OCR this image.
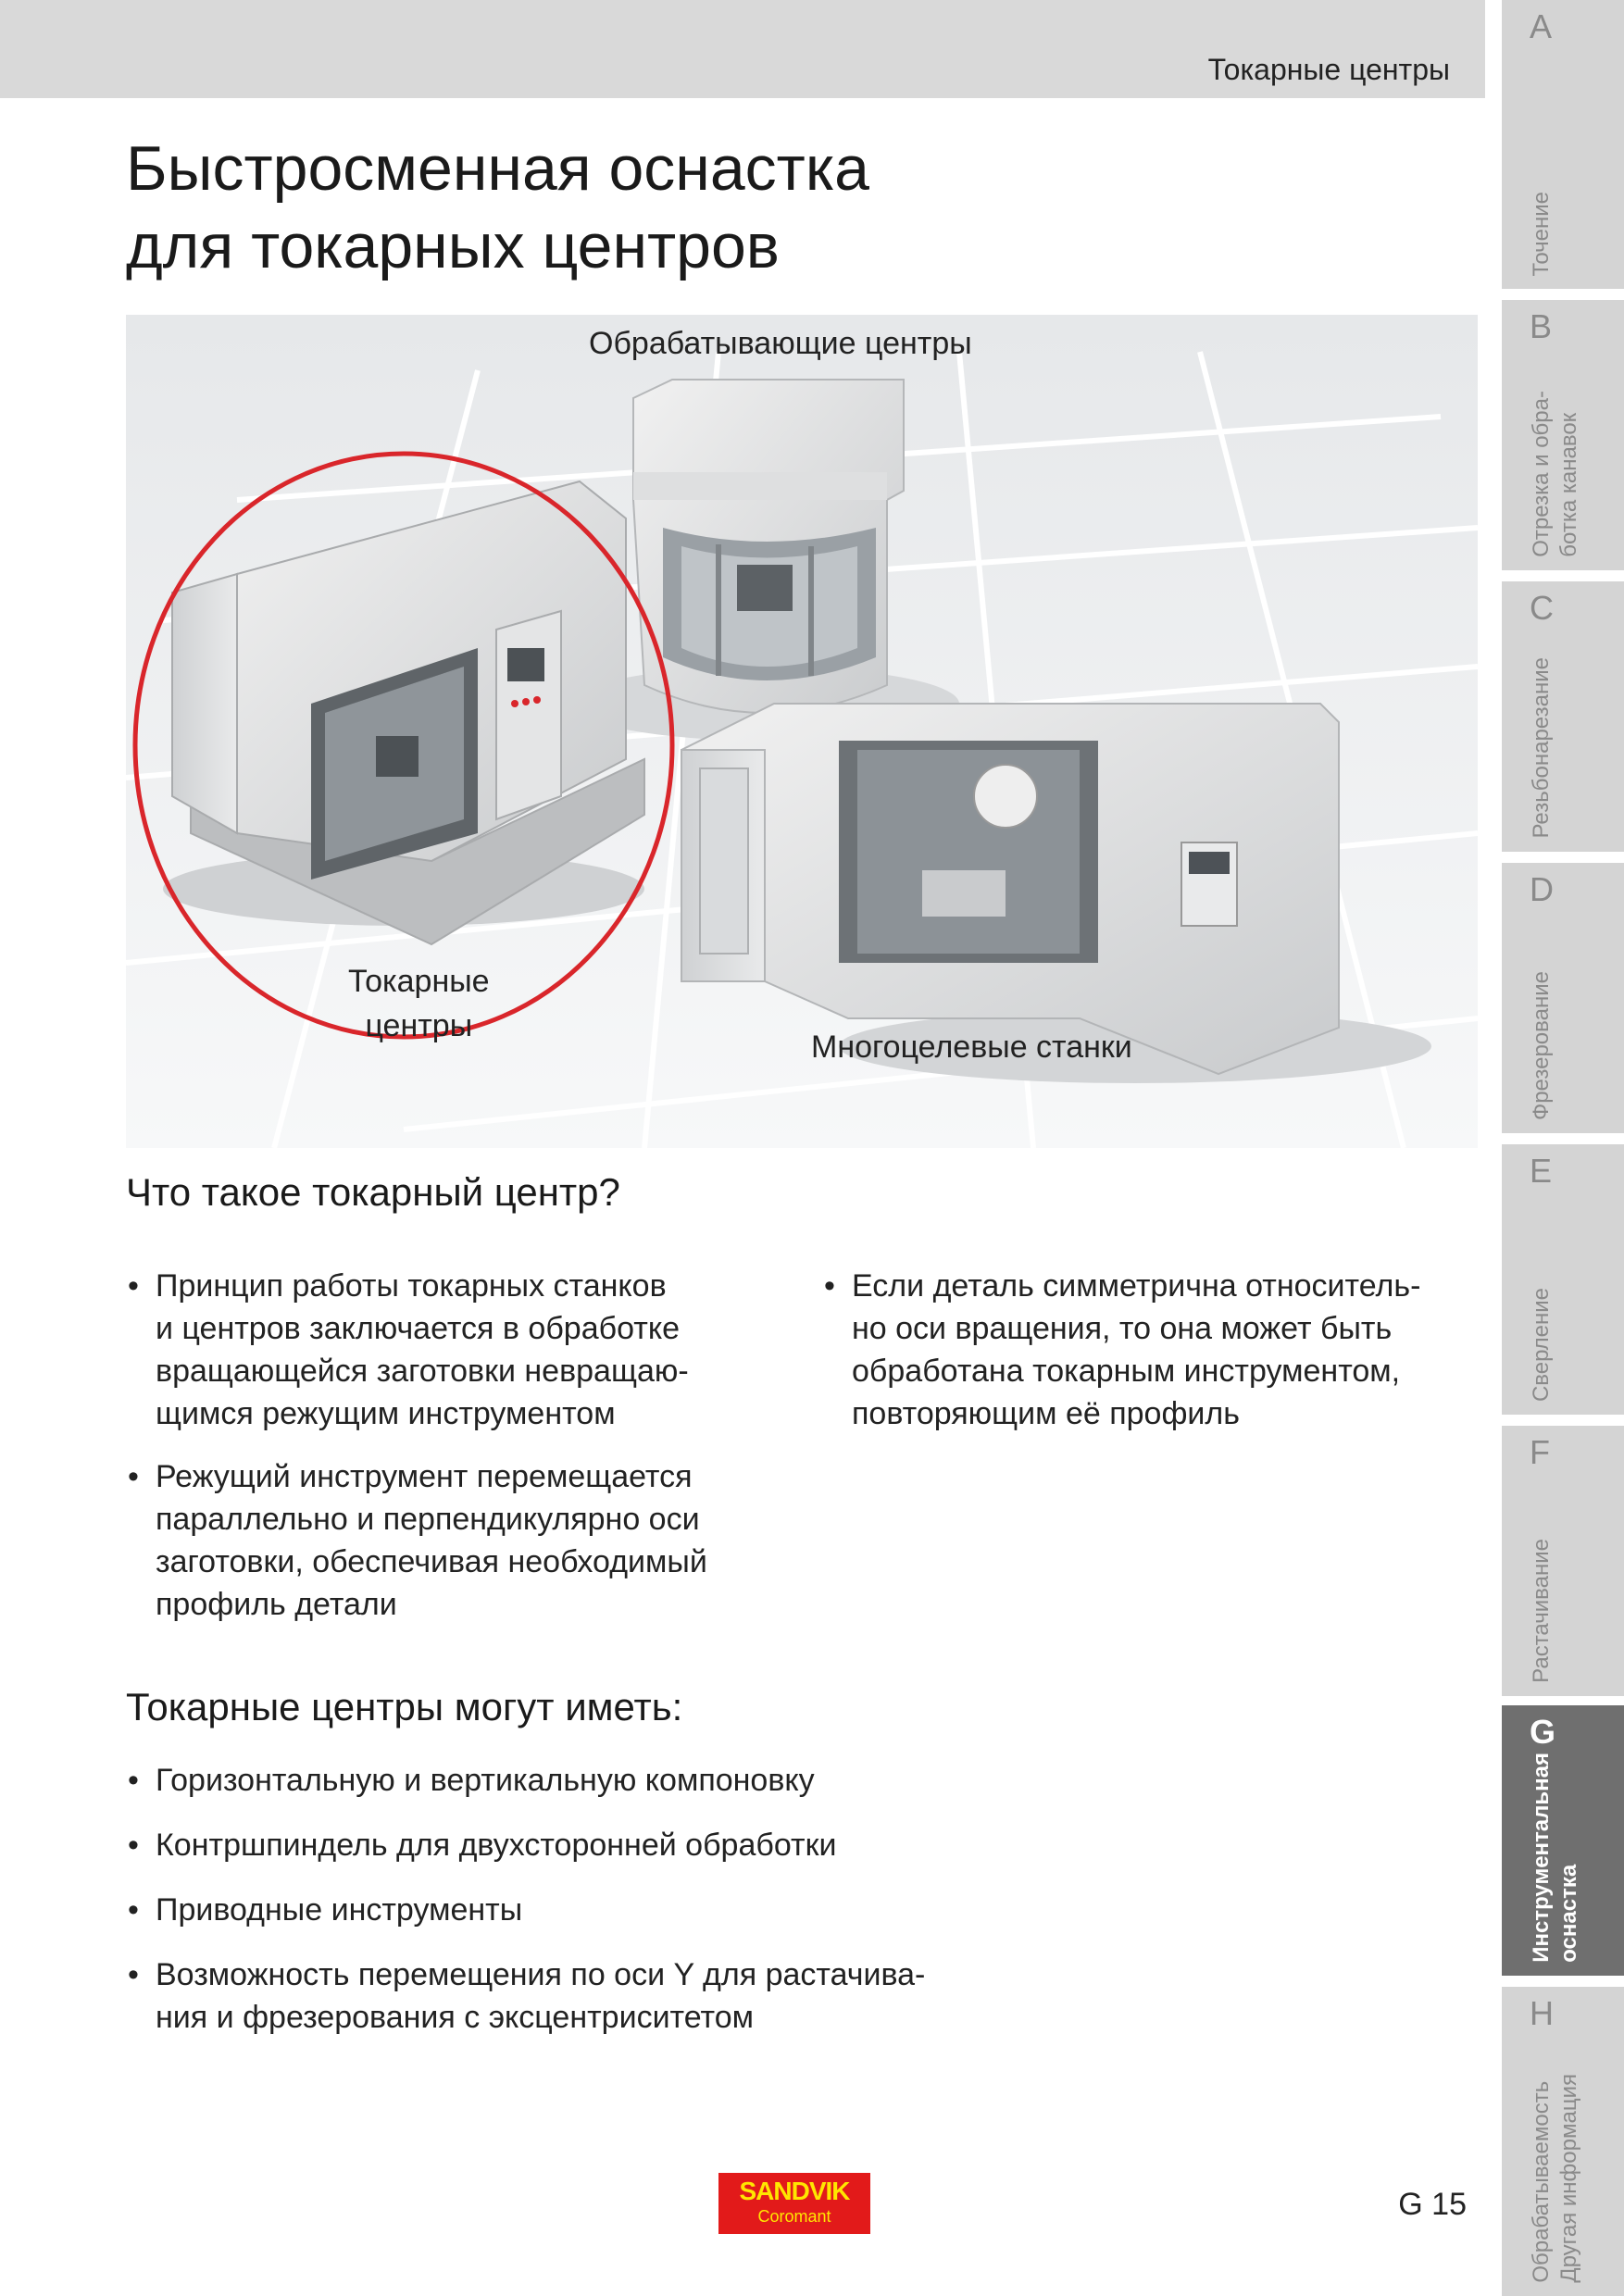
Токарные центры
A
Точение
B
Отрезка и обра-
ботка канавок
C
Резьбонарезание
D
Фрезерование
E
Сверление
F
Растачивание
G
Инструментальная
оснастка
H
Обрабатываемость
Другая информация
Быстросменная оснастка
для токарных центров
Обрабатывающие центры
Токарные
центры
Многоцелевые станки
Что такое токарный центр?
• Принцип работы токарных станков
и центров заключается в обработке
вращающейся заготовки невращаю-
щимся режущим инструментом
• Режущий инструмент перемещается
параллельно и перпендикулярно оси
заготовки, обеспечивая необходимый
профиль детали
• Если деталь симметрична относитель-
но оси вращения, то она может быть
обработана токарным инструментом,
повторяющим её профиль
Токарные центры могут иметь:
• Горизонтальную и вертикальную компоновку
• Контршпиндель для двухсторонней обработки
• Приводные инструменты
• Возможность перемещения по оси Y для растачива-
ния и фрезерования с эксцентриситетом
SANDVIK
Coromant	G 15
